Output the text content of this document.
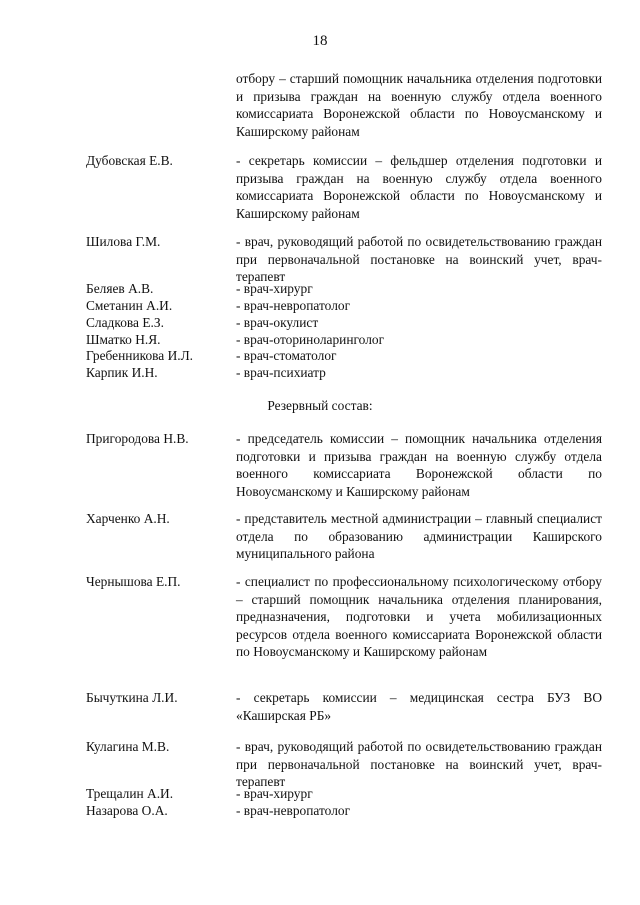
18
отбору – старший помощник начальника отделения подготовки и призыва граждан на военную службу отдела военного комиссариата Воронежской области по Новоусманскому и Каширскому районам
Дубовская Е.В.	- секретарь комиссии – фельдшер отделения подготовки и призыва граждан на военную службу отдела военного комиссариата Воронежской области по Новоусманскому и Каширскому районам
Шилова Г.М.	- врач, руководящий работой по освидетельствованию граждан при первоначальной постановке на воинский учет, врач-терапевт
Беляев А.В.	- врач-хирург
Сметанин А.И.	- врач-невропатолог
Сладкова Е.З.	- врач-окулист
Шматко Н.Я.	- врач-оториноларинголог
Гребенникова И.Л.	- врач-стоматолог
Карпик И.Н.	- врач-психиатр
Резервный состав:
Пригородова Н.В.	- председатель комиссии – помощник начальника отделения подготовки и призыва граждан на военную службу отдела военного комиссариата Воронежской области по Новоусманскому и Каширскому районам
Харченко А.Н.	- представитель местной администрации – главный специалист отдела по образованию администрации Каширского муниципального района
Чернышова Е.П.	- специалист по профессиональному психологическому отбору – старший помощник начальника отделения планирования, предназначения, подготовки и учета мобилизационных ресурсов отдела военного комиссариата Воронежской области по Новоусманскому и Каширскому районам
Бычуткина Л.И.	- секретарь комиссии – медицинская сестра БУЗ ВО «Каширская РБ»
Кулагина М.В.	- врач, руководящий работой по освидетельствованию граждан при первоначальной постановке на воинский учет, врач-терапевт
Трещалин А.И.	- врач-хирург
Назарова О.А.	- врач-невропатолог
